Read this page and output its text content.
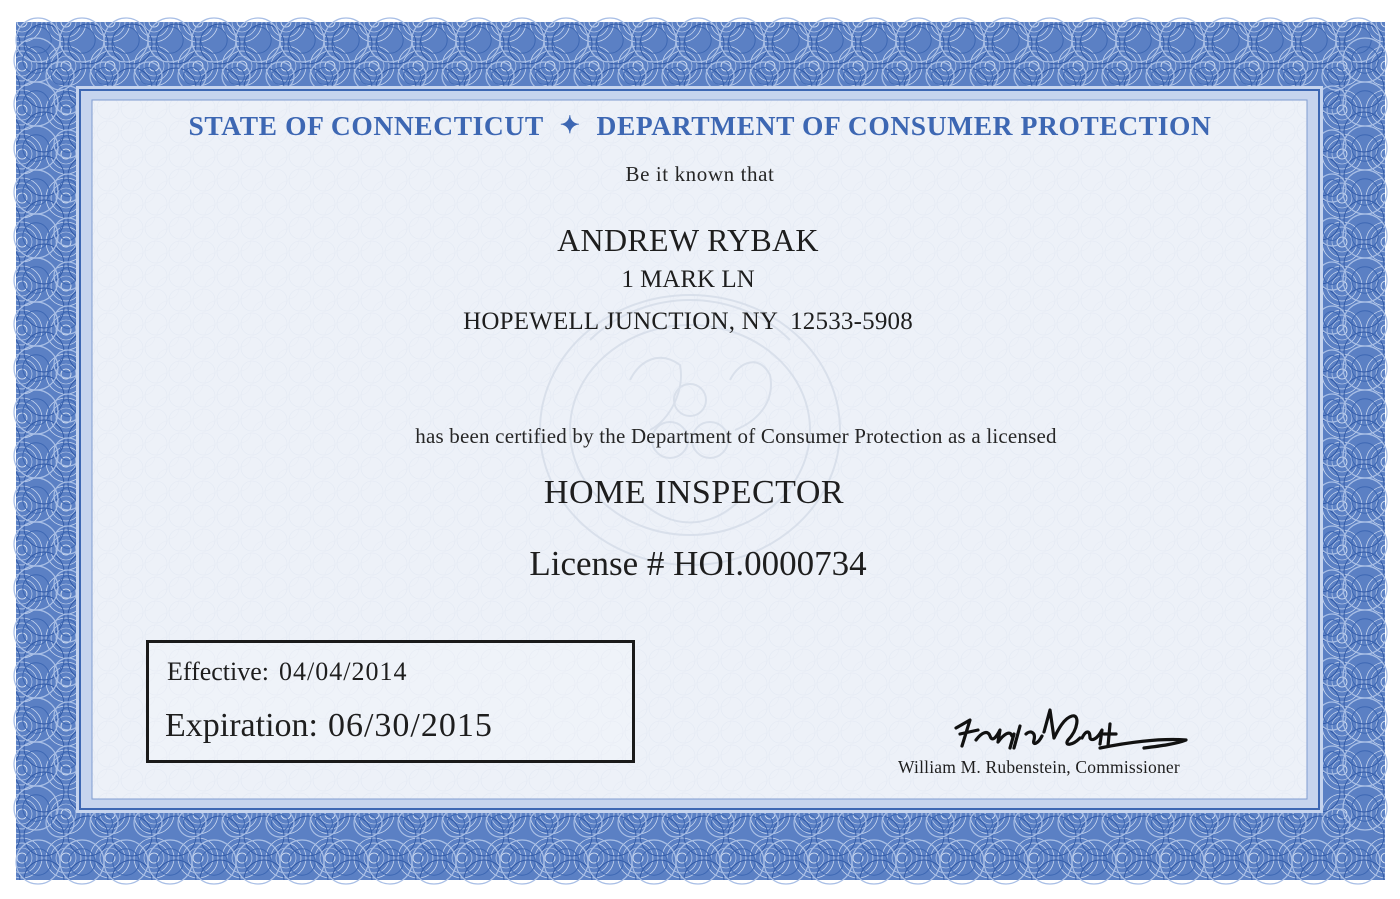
STATE OF CONNECTICUT ✦ DEPARTMENT OF CONSUMER PROTECTION
Be it known that
ANDREW RYBAK
1 MARK LN
HOPEWELL JUNCTION, NY  12533-5908
has been certified by the Department of Consumer Protection as a licensed
HOME INSPECTOR
License # HOI.0000734
Effective: 04/04/2014
Expiration: 06/30/2015
William M. Rubenstein, Commissioner
